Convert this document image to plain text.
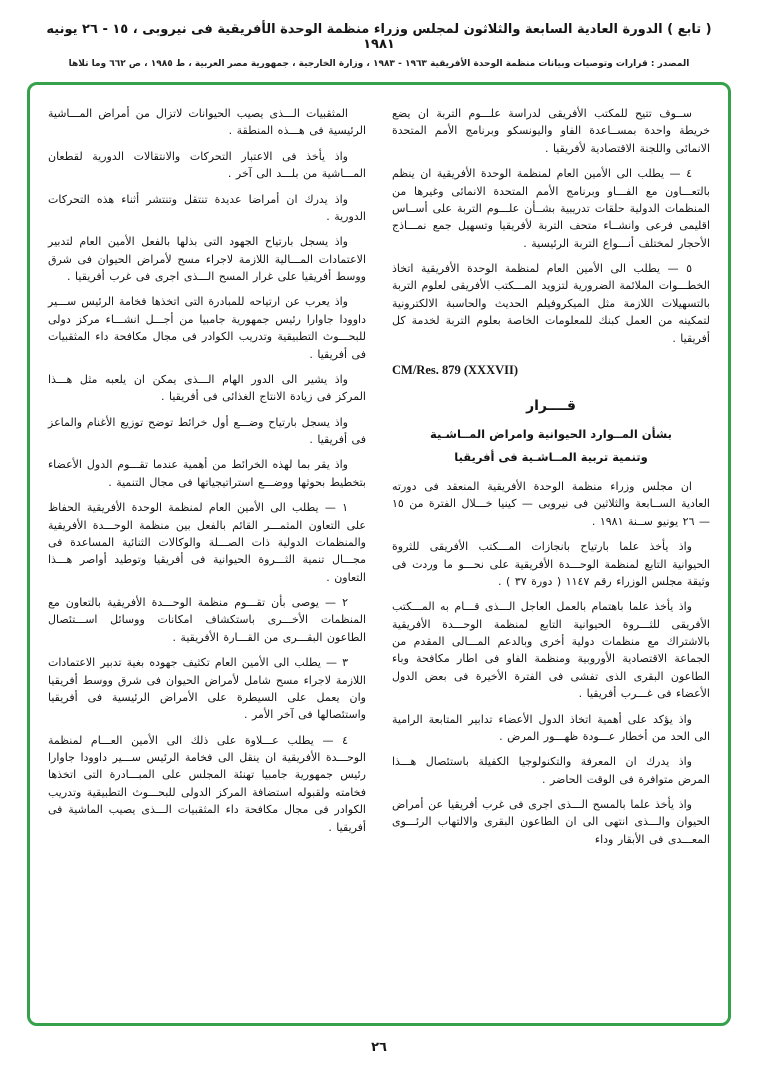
( تابع ) الدورة العادية السابعة والثلاثون لمجلس وزراء منظمة الوحدة الأفريقية فى نيروبى ، ١٥ - ٢٦ يونيه ١٩٨١
المصدر : قرارات وتوصيات وبيانات منظمة الوحدة الأفريقية ١٩٦٣ - ١٩٨٣ ، وزارة الخارجية ، جمهورية مصر العربية ، ط ١٩٨٥ ، ص ٦٦٢ وما تلاها

ســوف تتيح للمكتب الأفريقى لدراسة علـــوم التربة ان يضع خريطة واحدة بمســاعدة الفاو واليونسكو وبرنامج الأمم المتحدة الانمائى واللجنة الاقتصادية لأفريقيا .

٤ — يطلب الى الأمين العام لمنظمة الوحدة الأفريقية ان ينظم بالتعـــاون مع الفـــاو وبرنامج الأمم المتحدة الانمائى وغيرها من المنظمات الدولية حلقات تدريبية بشــأن علـــوم التربة على أســاس اقليمى فرعى وانشــاء متحف التربة لأفريقيا وتسهيل جمع نمـــاذج الأحجار لمختلف أنـــواع التربة الرئيسية .

٥ — يطلب الى الأمين العام لمنظمة الوحدة الأفريقية اتخاذ الخطـــوات الملائمة الضرورية لتزويد المـــكتب الأفريقى لعلوم التربة بالتسهيلات اللازمة مثل الميكروفيلم الحديث والحاسبة الالكترونية لتمكينه من العمل كبنك للمعلومات الخاصة بعلوم التربة لخدمة كل أفريقيا .

CM/Res. 879 (XXXVII)
قــــرار
بشأن المــوارد الحيوانية وامراض المــاشـية
وتنمية تربية المــاشـية فى أفريقيا

ان مجلس وزراء منظمة الوحدة الأفريقية المنعقد فى دورته العادية الســابعة والثلاثين فى نيروبى — كينيا خـــلال الفترة من ١٥ — ٢٦ يونيو ســنة ١٩٨١ .

واذ يأخذ علما بارتياح بانجازات المـــكتب الأفريقى للثروة الحيوانية التابع لمنظمة الوحـــدة الأفريقية على نحـــو ما وردت فى وثيقة مجلس الوزراء رقم ١١٤٧ ( دورة ٣٧ ) .

واذ يأخذ علما باهتمام بالعمل العاجل الـــذى قـــام به المـــكتب الأفريقى للثـــروة الحيوانية التابع لمنظمة الوحـــدة الأفريقية بالاشتراك مع منظمات دولية أخرى وبالدعم المـــالى المقدم من الجماعة الاقتصادية الأوروبية ومنظمة الفاو فى اطار مكافحة وباء الطاعون البقرى الذى تفشى فى الفترة الأخيرة فى بعض الدول الأعضاء فى غـــرب أفريقيا .

واذ يؤكد على أهمية اتخاذ الدول الأعضاء تدابير المتابعة الرامية الى الحد من أخطار عـــودة ظهـــور المرض .

واذ يدرك ان المعرفة والتكنولوجيا الكفيلة باستئصال هـــذا المرض متوافرة فى الوقت الحاضر .

واذ يأخذ علما بالمسح الـــذى اجرى فى غرب أفريقيا عن أمراض الحيوان والـــذى انتهى الى ان الطاعون البقرى والالتهاب الرئـــوى المعـــدى فى الأبقار وداء

المثقبيات الـــذى يصيب الحيوانات لاتزال من أمراض المـــاشية الرئيسية فى هـــذه المنطقة .

واذ يأخذ فى الاعتبار التحركات والانتقالات الدورية لقطعان المـــاشية من بلـــد الى آخر .

واذ يدرك ان أمراضا عديدة تنتقل وتنتشر أثناء هذه التحركات الدورية .

واذ يسجل بارتياح الجهود التى بذلها بالفعل الأمين العام لتدبير الاعتمادات المـــالية اللازمة لاجراء مسح لأمراض الحيوان فى شرق ووسط أفريقيا على غرار المسح الـــذى اجرى فى غرب أفريقيا .

واذ يعرب عن ارتياحه للمبادرة التى اتخذها فخامة الرئيس ســـير داوودا جاوارا رئيس جمهورية جامبيا من أجـــل انشـــاء مركز دولى للبحـــوث التطبيقية وتدريب الكوادر فى مجال مكافحة داء المثقبيات فى أفريقيا .

واذ يشير الى الدور الهام الـــذى يمكن ان يلعبه مثل هـــذا المركز فى زيادة الانتاج الغذائى فى أفريقيا .

واذ يسجل بارتياح وضـــع أول خرائط توضح توزيع الأغنام والماعز فى أفريقيا .

واذ يقر بما لهذه الخرائط من أهمية عندما تقـــوم الدول الأعضاء بتخطيط بحوثها ووضـــع استراتيجياتها فى مجال التنمية .

١ — يطلب الى الأمين العام لمنظمة الوحدة الأفريقية الحفاظ على التعاون المثمـــر القائم بالفعل بين منظمة الوحـــدة الأفريقية والمنظمات الدولية ذات الصـــلة والوكالات الثنائية المساعدة فى مجـــال تنمية الثـــروة الحيوانية فى أفريقيا وتوطيد أواصر هـــذا التعاون .

٢ — يوصى بأن تقـــوم منظمة الوحـــدة الأفريقية بالتعاون مع المنظمات الأخـــرى باستكشاف امكانات ووسائل اســـتئصال الطاعون البقـــرى من القـــارة الأفريقية .

٣ — يطلب الى الأمين العام تكثيف جهوده بغية تدبير الاعتمادات اللازمة لاجراء مسح شامل لأمراض الحيوان فى شرق ووسط أفريقيا وان يعمل على السيطرة على الأمراض الرئيسية فى أفريقيا واستئصالها فى آخر الأمر .

٤ — يطلب عـــلاوة على ذلك الى الأمين العـــام لمنظمة الوحـــدة الأفريقية ان ينقل الى فخامة الرئيس ســـير داوودا جاوارا رئيس جمهورية جامبيا تهنئة المجلس على المبـــادرة التى اتخذها فخامته ولقبوله استضافة المركز الدولى للبحـــوث التطبيقية وتدريب الكوادر فى مجال مكافحة داء المثقبيات الـــذى يصيب الماشية فى أفريقيا .

٢٦
